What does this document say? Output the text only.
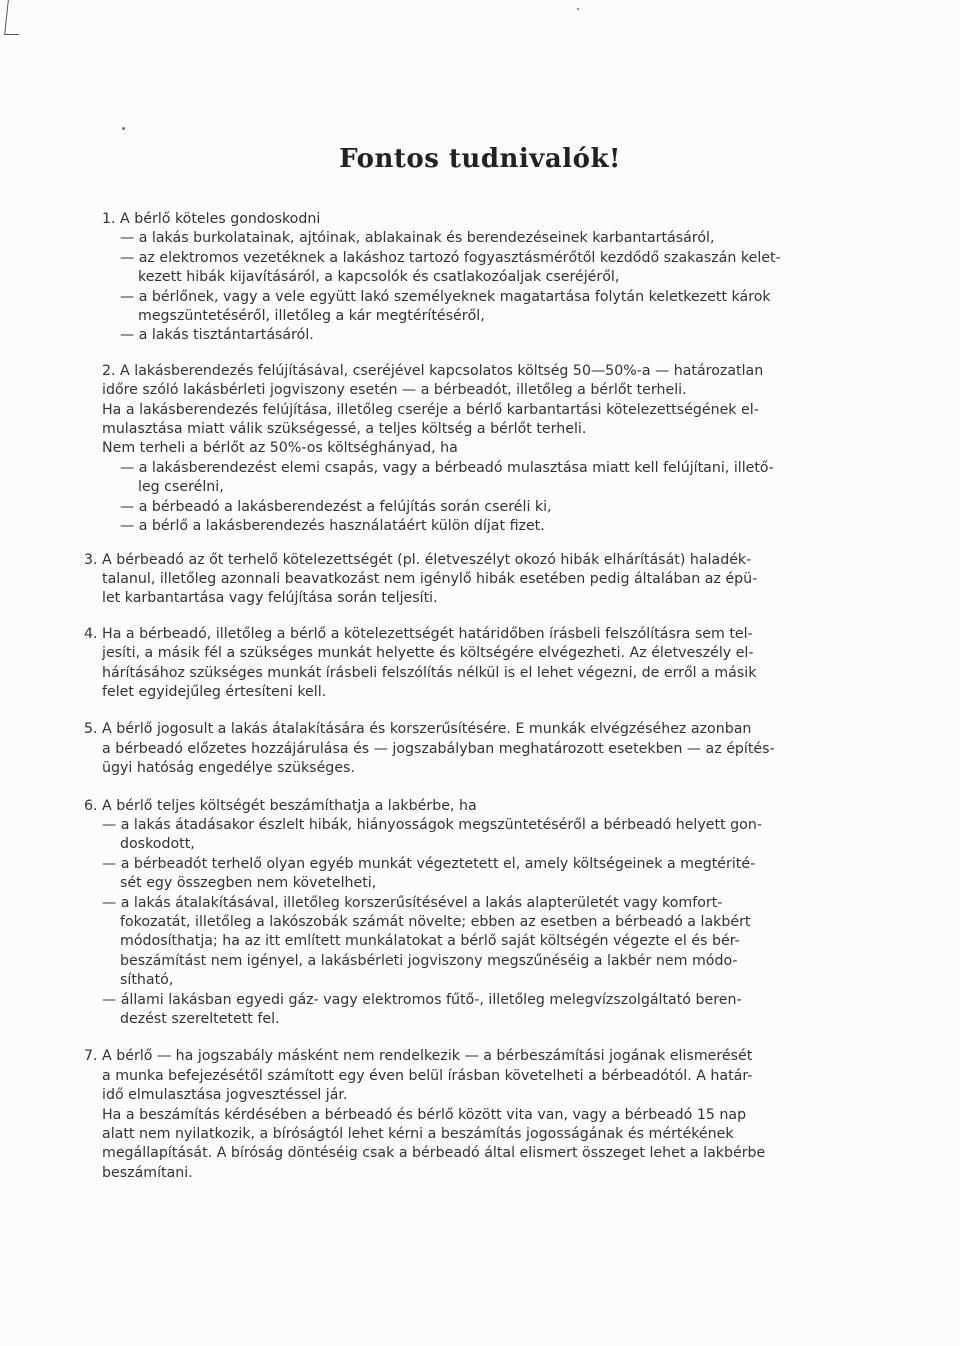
Fontos tudnivalók!
1. A bérlő köteles gondoskodni
— a lakás burkolatainak, ajtóinak, ablakainak és berendezéseinek karbantartásáról,
— az elektromos vezetéknek a lakáshoz tartozó fogyasztásmérőtől kezdődő szakaszán kelet-
kezett hibák kijavításáról, a kapcsolók és csatlakozóaljak cseréjéről,
— a bérlőnek, vagy a vele együtt lakó személyeknek magatartása folytán keletkezett károk
megszüntetéséről, illetőleg a kár megtérítéséről,
— a lakás tisztántartásáról.
2. A lakásberendezés felújításával, cseréjével kapcsolatos költség 50—50%-a — határozatlan
időre szóló lakásbérleti jogviszony esetén — a bérbeadót, illetőleg a bérlőt terheli.
Ha a lakásberendezés felújítása, illetőleg cseréje a bérlő karbantartási kötelezettségének el-
mulasztása miatt válik szükségessé, a teljes költség a bérlőt terheli.
Nem terheli a bérlőt az 50%-os költséghányad, ha
— a lakásberendezést elemi csapás, vagy a bérbeadó mulasztása miatt kell felújítani, illető-
leg cserélni,
— a bérbeadó a lakásberendezést a felújítás során cseréli ki,
— a bérlő a lakásberendezés használatáért külön díjat fizet.
3. A bérbeadó az őt terhelő kötelezettségét (pl. életveszélyt okozó hibák elhárítását) haladék-
talanul, illetőleg azonnali beavatkozást nem igénylő hibák esetében pedig általában az épü-
let karbantartása vagy felújítása során teljesíti.
4. Ha a bérbeadó, illetőleg a bérlő a kötelezettségét határidőben írásbeli felszólításra sem tel-
jesíti, a másik fél a szükséges munkát helyette és költségére elvégezheti. Az életveszély el-
hárításához szükséges munkát írásbeli felszólítás nélkül is el lehet végezni, de erről a másik
felet egyidejűleg értesíteni kell.
5. A bérlő jogosult a lakás átalakítására és korszerűsítésére. E munkák elvégzéséhez azonban
a bérbeadó előzetes hozzájárulása és — jogszabályban meghatározott esetekben — az építés-
ügyi hatóság engedélye szükséges.
6. A bérlő teljes költségét beszámíthatja a lakbérbe, ha
— a lakás átadásakor észlelt hibák, hiányosságok megszüntetéséről a bérbeadó helyett gon-
doskodott,
— a bérbeadót terhelő olyan egyéb munkát végeztetett el, amely költségeinek a megtérité-
sét egy összegben nem követelheti,
— a lakás átalakításával, illetőleg korszerűsítésével a lakás alapterületét vagy komfort-
fokozatát, illetőleg a lakószobák számát növelte; ebben az esetben a bérbeadó a lakbért
módosíthatja; ha az itt említett munkálatokat a bérlő saját költségén végezte el és bér-
beszámítást nem igényel, a lakásbérleti jogviszony megszűnéséig a lakbér nem módo-
sítható,
— állami lakásban egyedi gáz- vagy elektromos fűtő-, illetőleg melegvízszolgáltató beren-
dezést szereltetett fel.
7. A bérlő — ha jogszabály másként nem rendelkezik — a bérbeszámítási jogának elismerését
a munka befejezésétől számított egy éven belül írásban követelheti a bérbeadótól. A határ-
idő elmulasztása jogvesztéssel jár.
Ha a beszámítás kérdésében a bérbeadó és bérlő között vita van, vagy a bérbeadó 15 nap
alatt nem nyilatkozik, a bíróságtól lehet kérni a beszámítás jogosságának és mértékének
megállapítását. A bíróság döntéséig csak a bérbeadó által elismert összeget lehet a lakbérbe
beszámítani.
